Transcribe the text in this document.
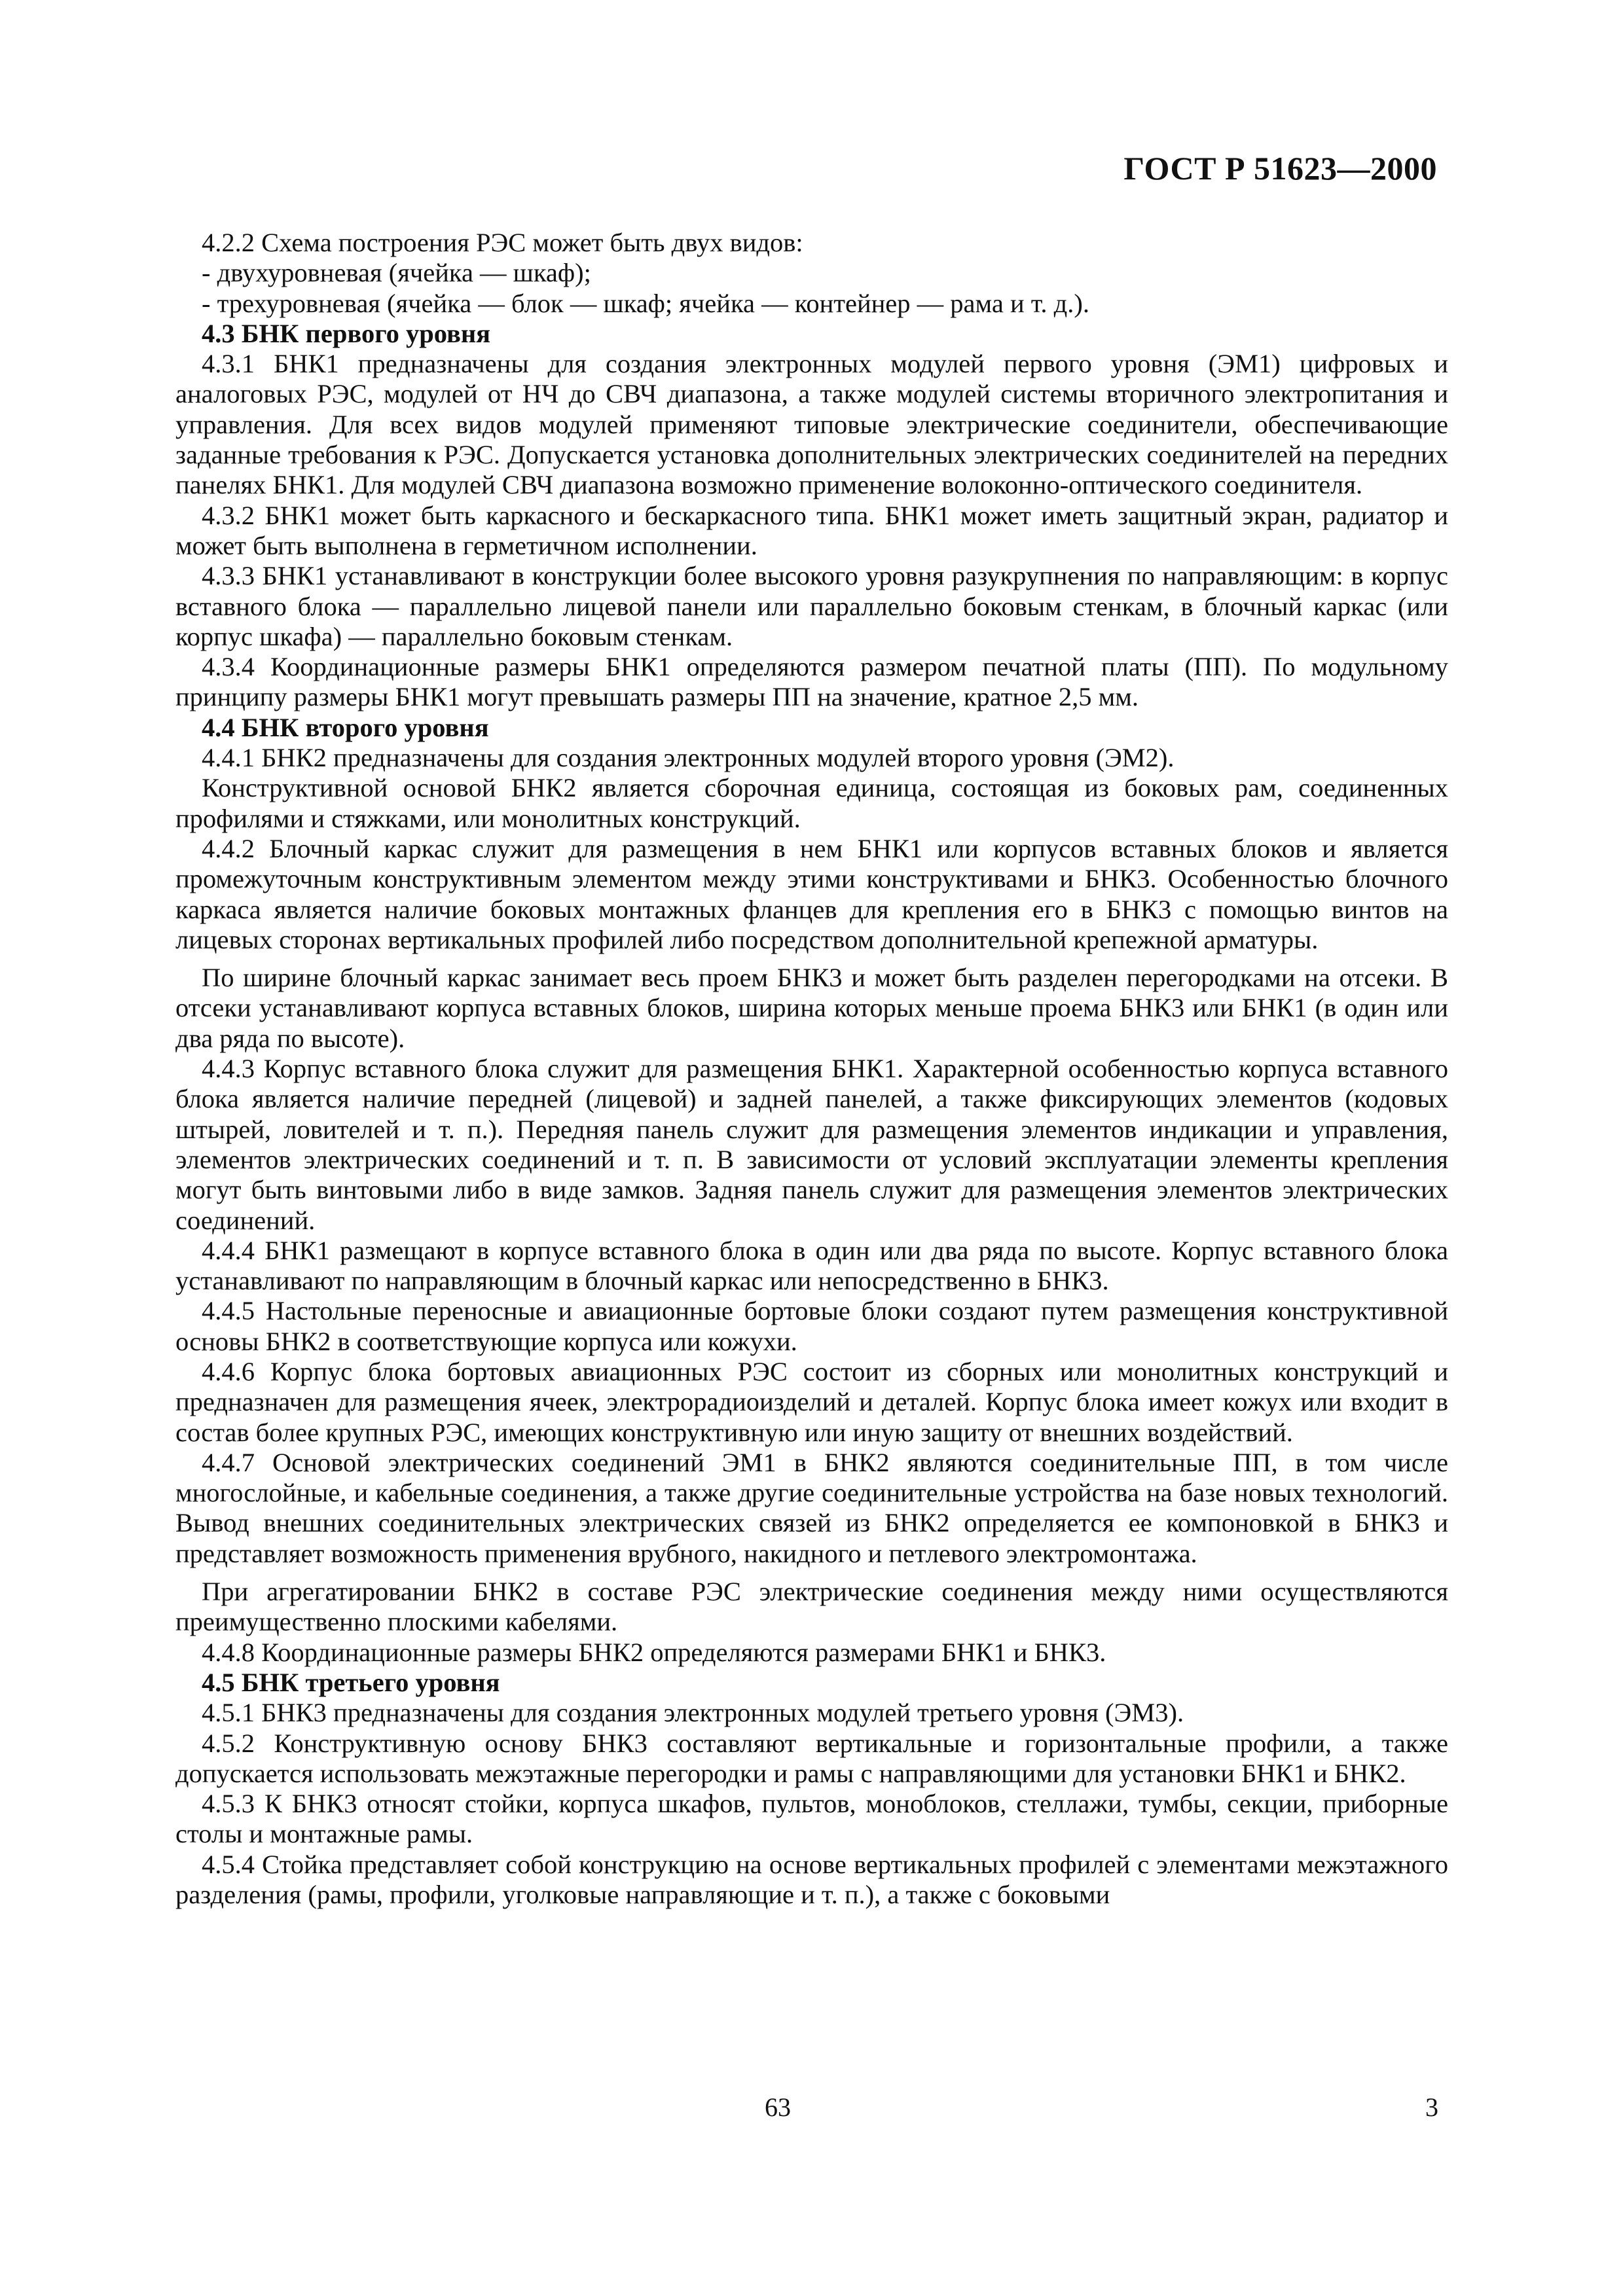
ГОСТ Р 51623—2000

4.2.2 Схема построения РЭС может быть двух видов:

- двухуровневая (ячейка — шкаф);

- трехуровневая (ячейка — блок — шкаф; ячейка — контейнер — рама и т. д.).

4.3 БНК первого уровня

4.3.1 БНК1 предназначены для создания электронных модулей первого уровня (ЭМ1) цифровых и аналоговых РЭС, модулей от НЧ до СВЧ диапазона, а также модулей системы вторичного электропитания и управления. Для всех видов модулей применяют типовые электрические соединители, обеспечивающие заданные требования к РЭС. Допускается установка дополнительных электрических соединителей на передних панелях БНК1. Для модулей СВЧ диапазона возможно применение волоконно-оптического соединителя.

4.3.2 БНК1 может быть каркасного и бескаркасного типа. БНК1 может иметь защитный экран, радиатор и может быть выполнена в герметичном исполнении.

4.3.3 БНК1 устанавливают в конструкции более высокого уровня разукрупнения по направляющим: в корпус вставного блока — параллельно лицевой панели или параллельно боковым стенкам, в блочный каркас (или корпус шкафа) — параллельно боковым стенкам.

4.3.4 Координационные размеры БНК1 определяются размером печатной платы (ПП). По модульному принципу размеры БНК1 могут превышать размеры ПП на значение, кратное 2,5 мм.

4.4 БНК второго уровня

4.4.1 БНК2 предназначены для создания электронных модулей второго уровня (ЭМ2).

Конструктивной основой БНК2 является сборочная единица, состоящая из боковых рам, соединенных профилями и стяжками, или монолитных конструкций.

4.4.2 Блочный каркас служит для размещения в нем БНК1 или корпусов вставных блоков и является промежуточным конструктивным элементом между этими конструктивами и БНК3. Особенностью блочного каркаса является наличие боковых монтажных фланцев для крепления его в БНК3 с помощью винтов на лицевых сторонах вертикальных профилей либо посредством дополнительной крепежной арматуры.

По ширине блочный каркас занимает весь проем БНК3 и может быть разделен перегородками на отсеки. В отсеки устанавливают корпуса вставных блоков, ширина которых меньше проема БНК3 или БНК1 (в один или два ряда по высоте).

4.4.3 Корпус вставного блока служит для размещения БНК1. Характерной особенностью корпуса вставного блока является наличие передней (лицевой) и задней панелей, а также фиксирующих элементов (кодовых штырей, ловителей и т. п.). Передняя панель служит для размещения элементов индикации и управления, элементов электрических соединений и т. п. В зависимости от условий эксплуатации элементы крепления могут быть винтовыми либо в виде замков. Задняя панель служит для размещения элементов электрических соединений.

4.4.4 БНК1 размещают в корпусе вставного блока в один или два ряда по высоте. Корпус вставного блока устанавливают по направляющим в блочный каркас или непосредственно в БНК3.

4.4.5 Настольные переносные и авиационные бортовые блоки создают путем размещения конструктивной основы БНК2 в соответствующие корпуса или кожухи.

4.4.6 Корпус блока бортовых авиационных РЭС состоит из сборных или монолитных конструкций и предназначен для размещения ячеек, электрорадиоизделий и деталей. Корпус блока имеет кожух или входит в состав более крупных РЭС, имеющих конструктивную или иную защиту от внешних воздействий.

4.4.7 Основой электрических соединений ЭМ1 в БНК2 являются соединительные ПП, в том числе многослойные, и кабельные соединения, а также другие соединительные устройства на базе новых технологий. Вывод внешних соединительных электрических связей из БНК2 определяется ее компоновкой в БНК3 и представляет возможность применения врубного, накидного и петлевого электромонтажа.

При агрегатировании БНК2 в составе РЭС электрические соединения между ними осуществляются преимущественно плоскими кабелями.

4.4.8 Координационные размеры БНК2 определяются размерами БНК1 и БНК3.

4.5 БНК третьего уровня

4.5.1 БНК3 предназначены для создания электронных модулей третьего уровня (ЭМ3).

4.5.2 Конструктивную основу БНК3 составляют вертикальные и горизонтальные профили, а также допускается использовать межэтажные перегородки и рамы с направляющими для установки БНК1 и БНК2.

4.5.3 К БНК3 относят стойки, корпуса шкафов, пультов, моноблоков, стеллажи, тумбы, секции, приборные столы и монтажные рамы.

4.5.4 Стойка представляет собой конструкцию на основе вертикальных профилей с элементами межэтажного разделения (рамы, профили, уголковые направляющие и т. п.), а также с боковыми

63	3
